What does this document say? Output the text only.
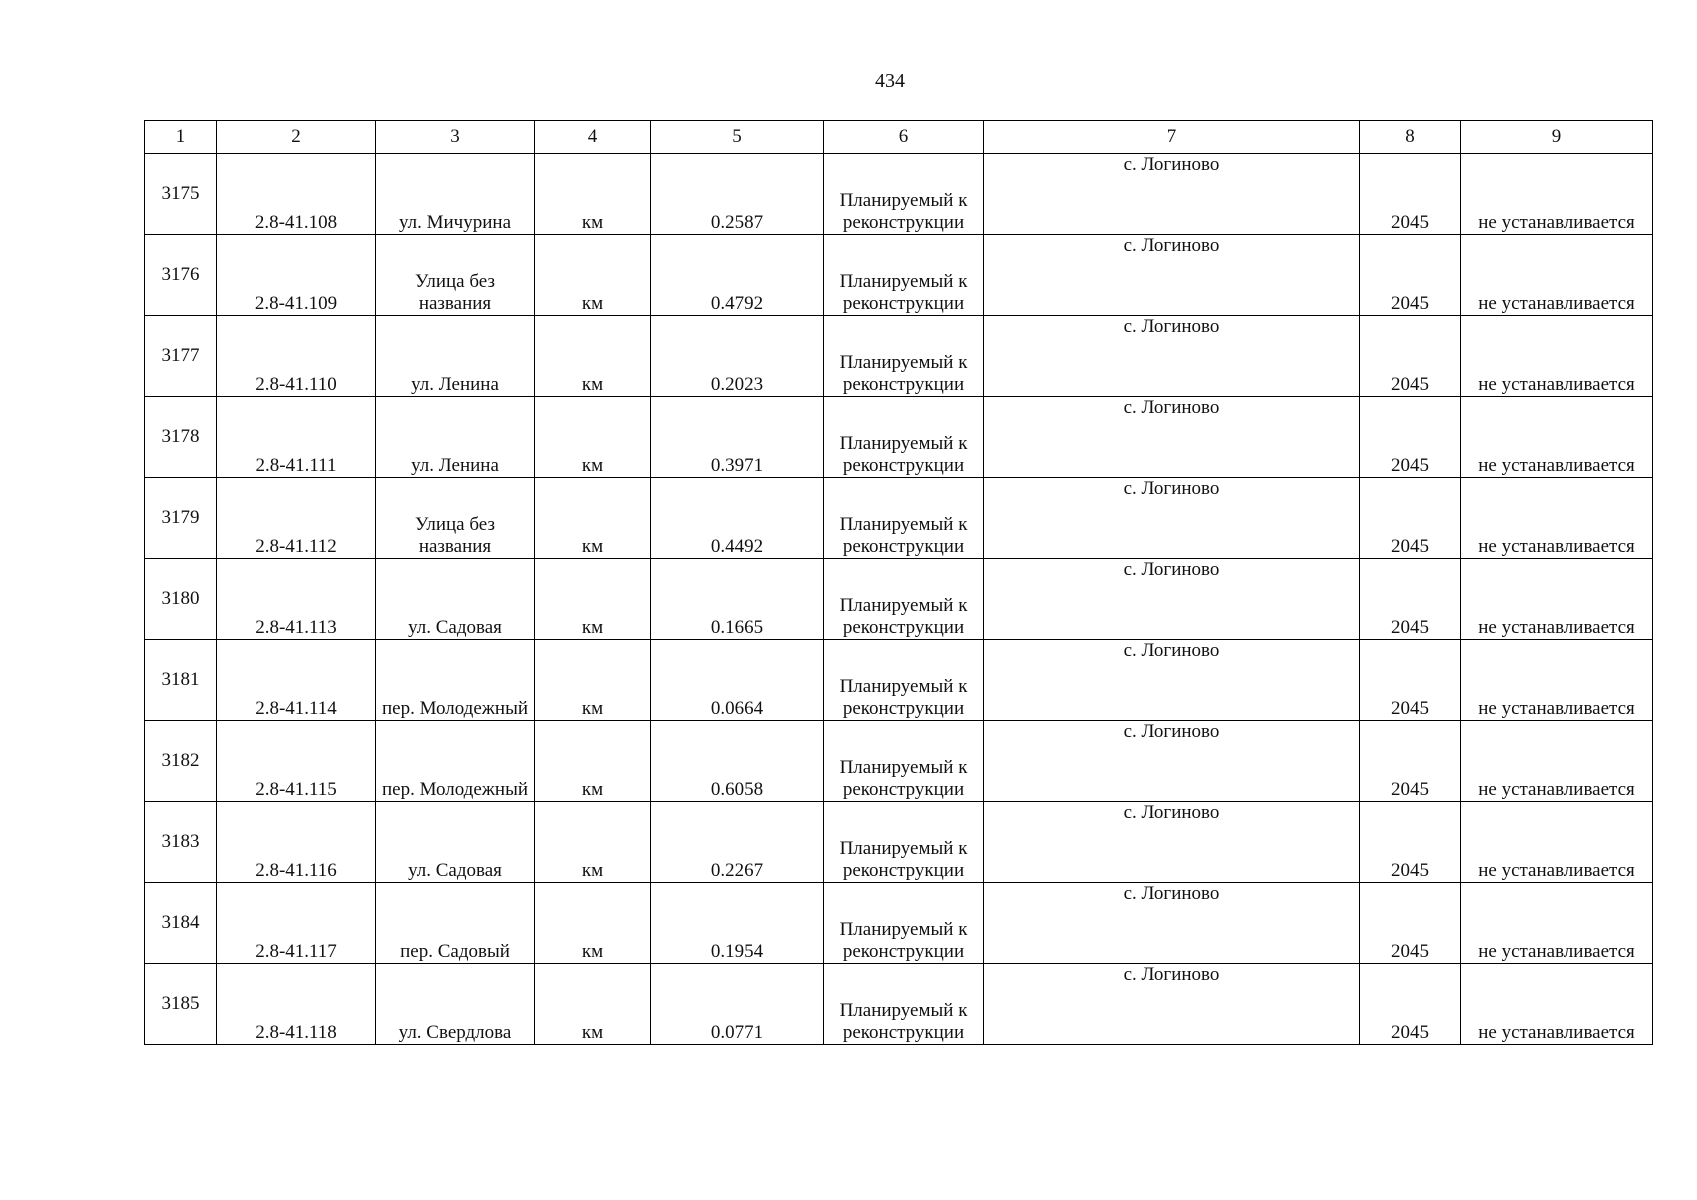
434
1	2	3	4	5	6	7	8	9
3175	2.8-41.108	ул. Мичурина	км	0.2587	Планируемый к реконструкции	с. Логиново	2045	не устанавливается
3176	2.8-41.109	Улица без названия	км	0.4792	Планируемый к реконструкции	с. Логиново	2045	не устанавливается
3177	2.8-41.110	ул. Ленина	км	0.2023	Планируемый к реконструкции	с. Логиново	2045	не устанавливается
3178	2.8-41.111	ул. Ленина	км	0.3971	Планируемый к реконструкции	с. Логиново	2045	не устанавливается
3179	2.8-41.112	Улица без названия	км	0.4492	Планируемый к реконструкции	с. Логиново	2045	не устанавливается
3180	2.8-41.113	ул. Садовая	км	0.1665	Планируемый к реконструкции	с. Логиново	2045	не устанавливается
3181	2.8-41.114	пер. Молодежный	км	0.0664	Планируемый к реконструкции	с. Логиново	2045	не устанавливается
3182	2.8-41.115	пер. Молодежный	км	0.6058	Планируемый к реконструкции	с. Логиново	2045	не устанавливается
3183	2.8-41.116	ул. Садовая	км	0.2267	Планируемый к реконструкции	с. Логиново	2045	не устанавливается
3184	2.8-41.117	пер. Садовый	км	0.1954	Планируемый к реконструкции	с. Логиново	2045	не устанавливается
3185	2.8-41.118	ул. Свердлова	км	0.0771	Планируемый к реконструкции	с. Логиново	2045	не устанавливается
